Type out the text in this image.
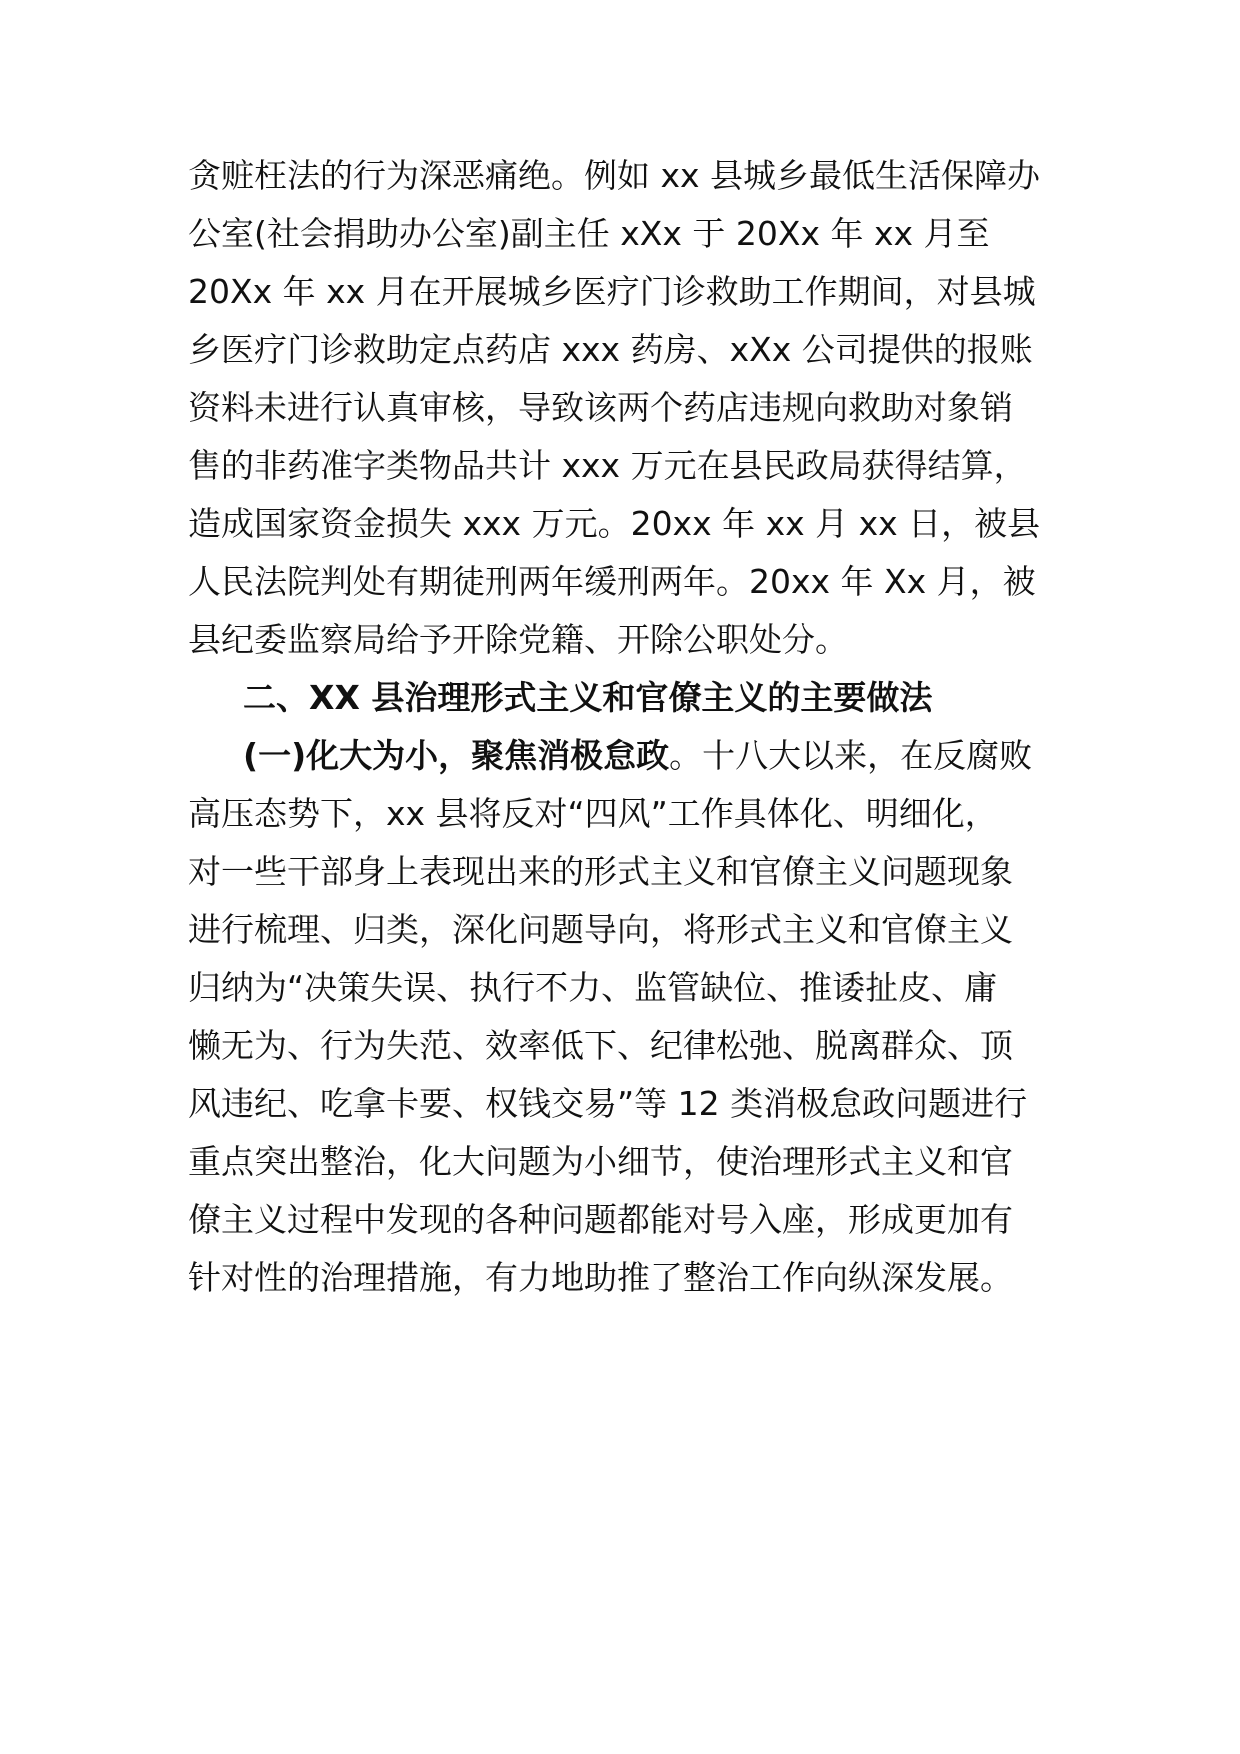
贪赃枉法的行为深恶痛绝。例如 xx 县城乡最低生活保障办
公室(社会捐助办公室)副主任 xXx 于 20Xx 年 xx 月至
20Xx 年 xx 月在开展城乡医疗门诊救助工作期间，对县城
乡医疗门诊救助定点药店 xxx 药房、xXx 公司提供的报账
资料未进行认真审核，导致该两个药店违规向救助对象销
售的非药准字类物品共计 xxx 万元在县民政局获得结算，
造成国家资金损失 xxx 万元。20xx 年 xx 月 xx 日，被县
人民法院判处有期徒刑两年缓刑两年。20xx 年 Xx 月，被
县纪委监察局给予开除党籍、开除公职处分。
二、XX 县治理形式主义和官僚主义的主要做法
(一)化大为小，聚焦消极怠政。十八大以来，在反腐败
高压态势下，xx 县将反对“四风”工作具体化、明细化，
对一些干部身上表现出来的形式主义和官僚主义问题现象
进行梳理、归类，深化问题导向，将形式主义和官僚主义
归纳为“决策失误、执行不力、监管缺位、推诿扯皮、庸
懒无为、行为失范、效率低下、纪律松弛、脱离群众、顶
风违纪、吃拿卡要、权钱交易”等 12 类消极怠政问题进行
重点突出整治，化大问题为小细节，使治理形式主义和官
僚主义过程中发现的各种问题都能对号入座，形成更加有
针对性的治理措施，有力地助推了整治工作向纵深发展。
